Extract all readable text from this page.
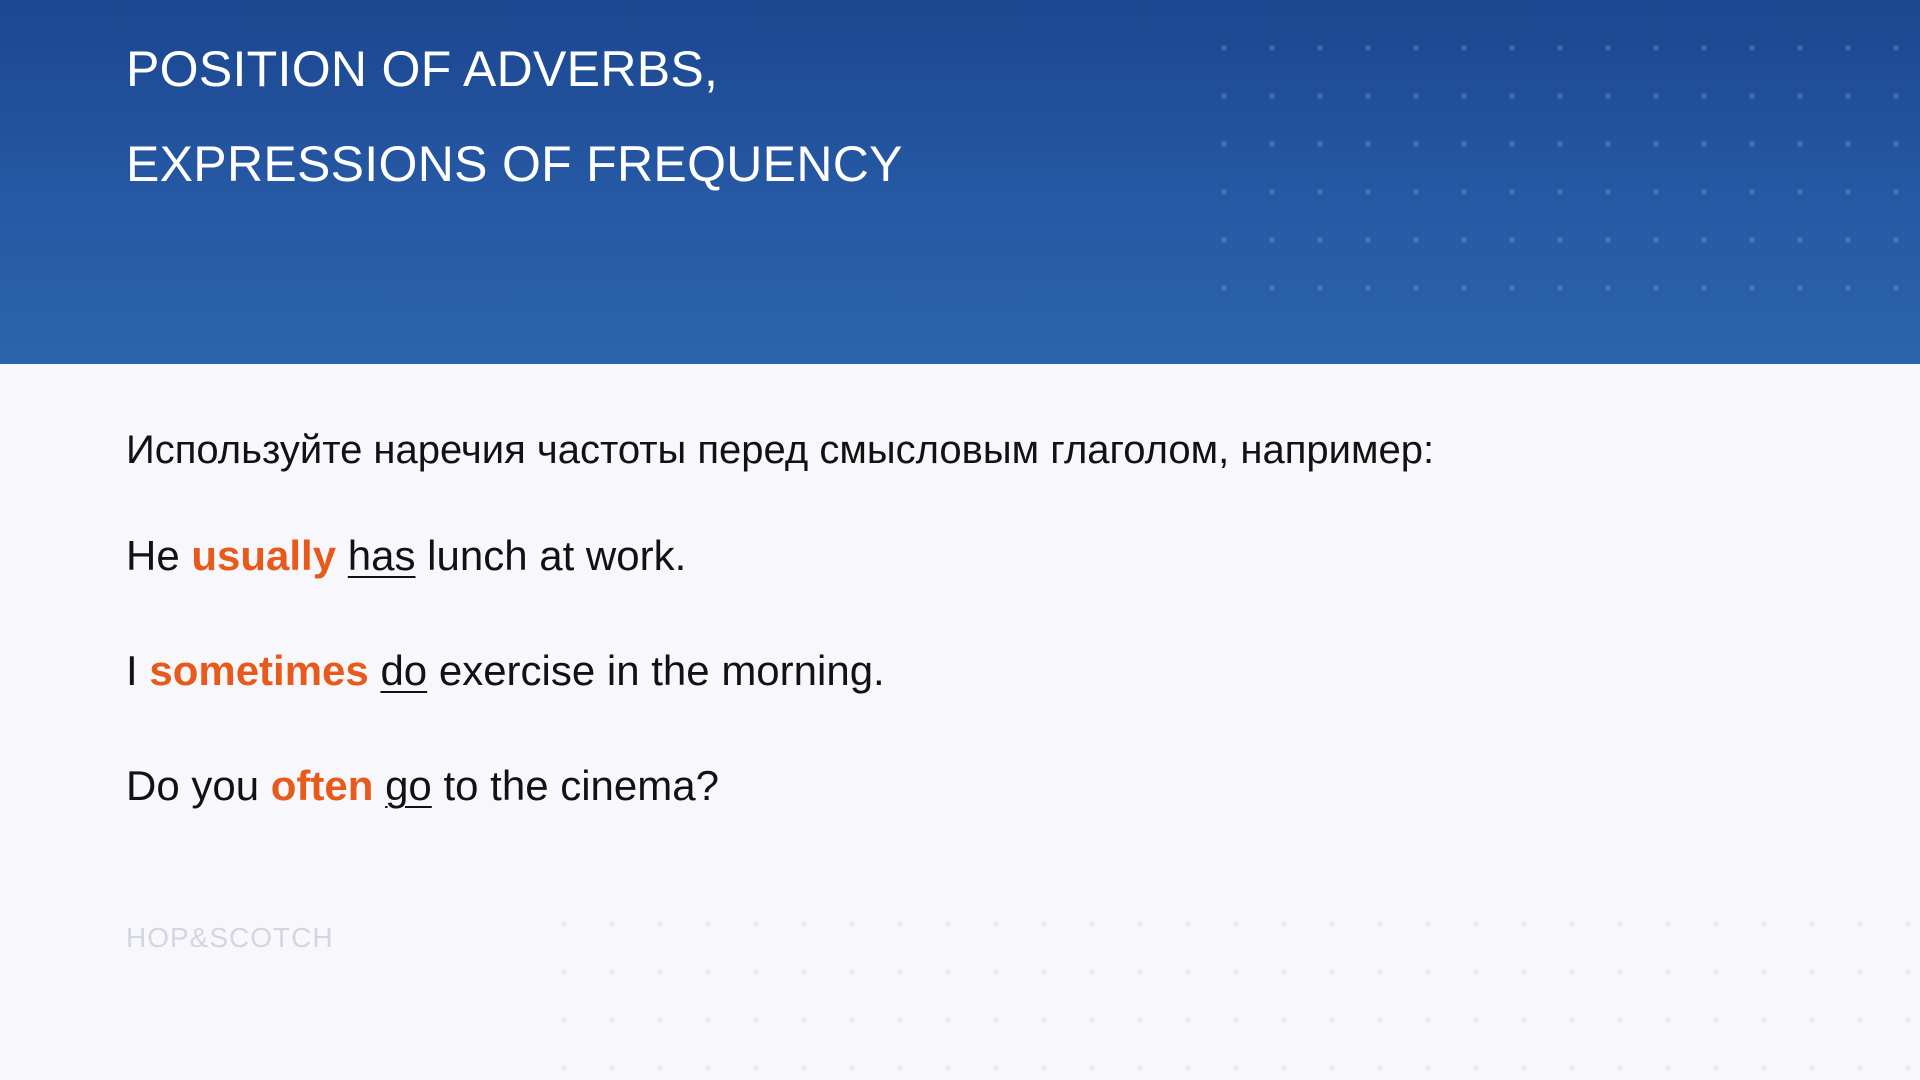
POSITION OF ADVERBS,
EXPRESSIONS OF FREQUENCY
Используйте наречия частоты перед смысловым глаголом, например:
He usually has lunch at work.
I sometimes do exercise in the morning.
Do you often go to the cinema?
HOP&SCOTCH
